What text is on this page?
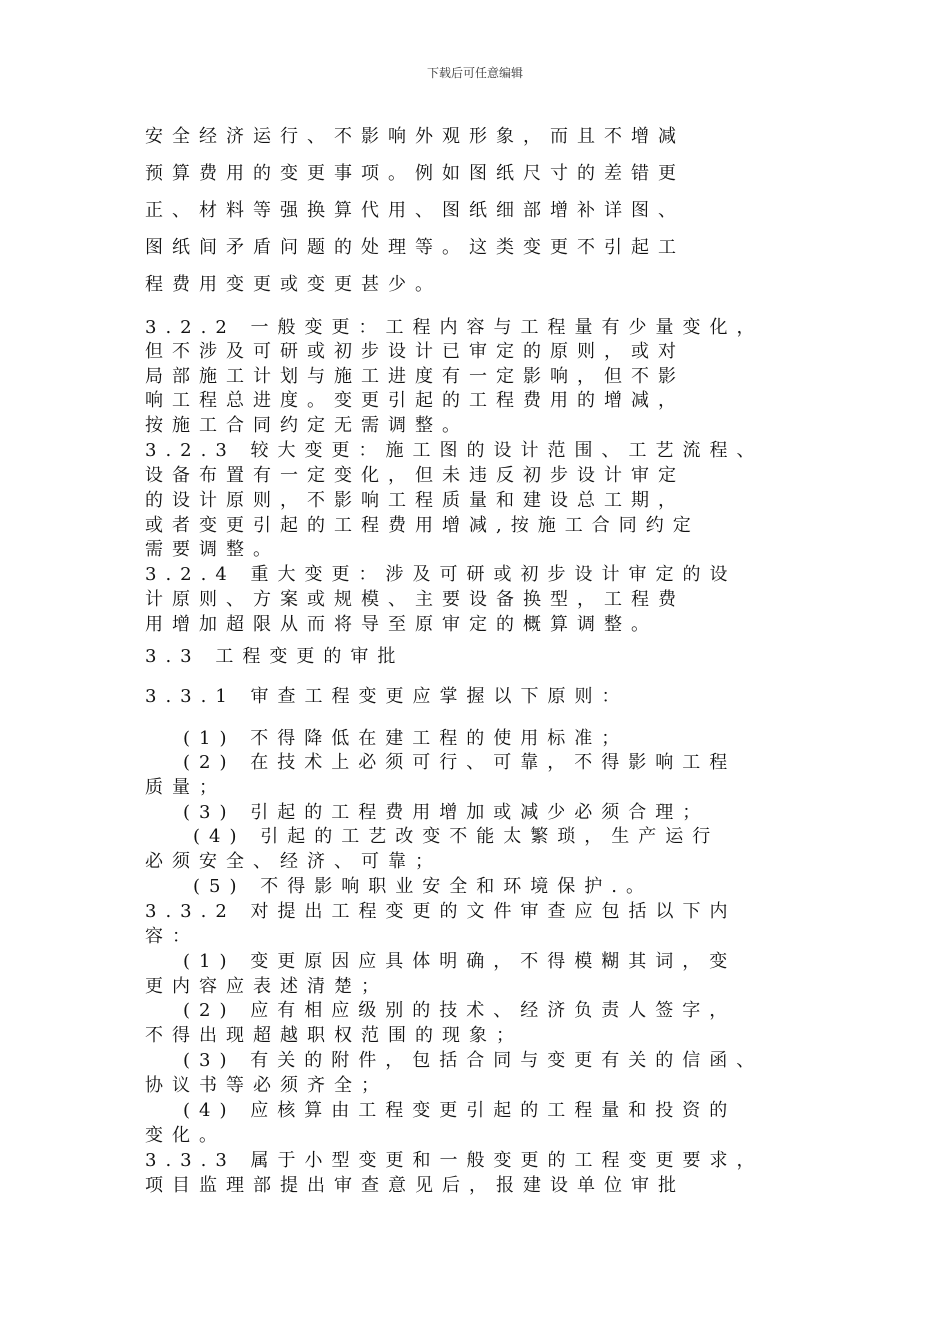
下载后可任意编辑
安全经济运行、不影响外观形象，而且不增减
预算费用的变更事项。例如图纸尺寸的差错更
正、材料等强换算代用、图纸细部增补详图、
图纸间矛盾问题的处理等。这类变更不引起工
程费用变更或变更甚少。
3.2.2 一般变更：工程内容与工程量有少量变化，
但不涉及可研或初步设计已审定的原则，或对
局部施工计划与施工进度有一定影响，但不影
响工程总进度。变更引起的工程费用的增减，
按施工合同约定无需调整。
3.2.3 较大变更：施工图的设计范围、工艺流程、
设备布置有一定变化，但未违反初步设计审定
的设计原则，不影响工程质量和建设总工期，
或者变更引起的工程费用增减,按施工合同约定
需要调整。
3.2.4 重大变更：涉及可研或初步设计审定的设
计原则、方案或规模、主要设备换型，工程费
用增加超限从而将导至原审定的概算调整。
3.3 工程变更的审批
3.3.1 审查工程变更应掌握以下原则：
(1) 不得降低在建工程的使用标准；
(2) 在技术上必须可行、可靠，不得影响工程
质量；
(3) 引起的工程费用增加或减少必须合理；
(4) 引起的工艺改变不能太繁琐，生产运行
必须安全、经济、可靠；
(5) 不得影响职业安全和环境保护.。
3.3.2 对提出工程变更的文件审查应包括以下内
容：
(1) 变更原因应具体明确，不得模糊其词，变
更内容应表述清楚；
(2) 应有相应级别的技术、经济负责人签字，
不得出现超越职权范围的现象；
(3) 有关的附件，包括合同与变更有关的信函、
协议书等必须齐全；
(4) 应核算由工程变更引起的工程量和投资的
变化。
3.3.3 属于小型变更和一般变更的工程变更要求，
项目监理部提出审查意见后，报建设单位审批
